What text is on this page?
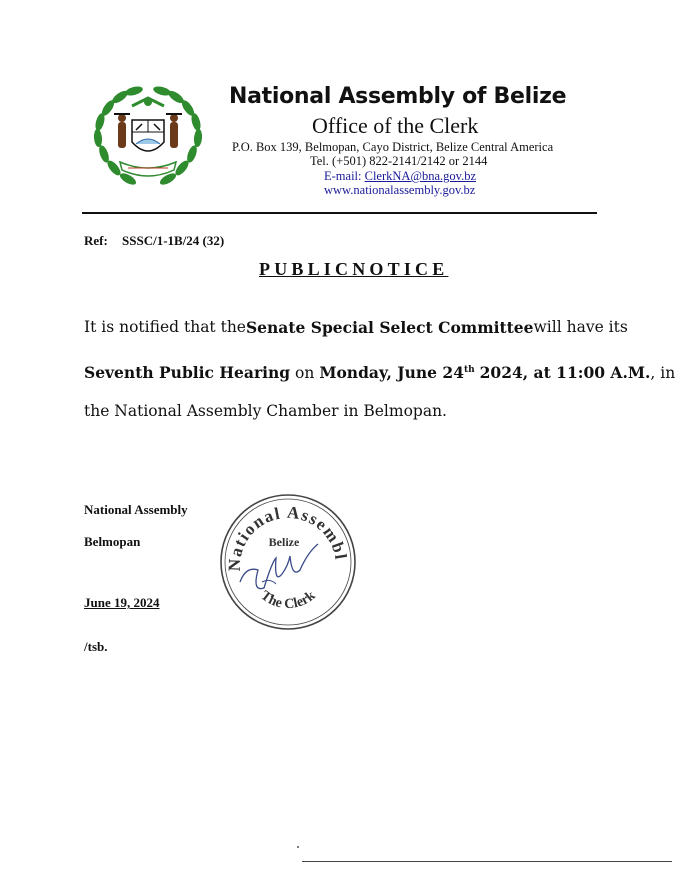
National Assembly of Belize
Office of the Clerk
P.O. Box 139, Belmopan, Cayo District, Belize Central America
Tel. (+501) 822-2141/2142 or 2144
E-mail: ClerkNA@bna.gov.bz
www.nationalassembly.gov.bz
Ref: SSSC/1-1B/24 (32)
PUBLICNOTICE
It is notified that the Senate Special Select Committee will have its
Seventh Public Hearing on Monday, June 24th 2024, at 11:00 A.M., in
the National Assembly Chamber in Belmopan.
National Assembly
Belmopan
June 19, 2024
/tsb.
National Assembl
Belize
The Clerk
